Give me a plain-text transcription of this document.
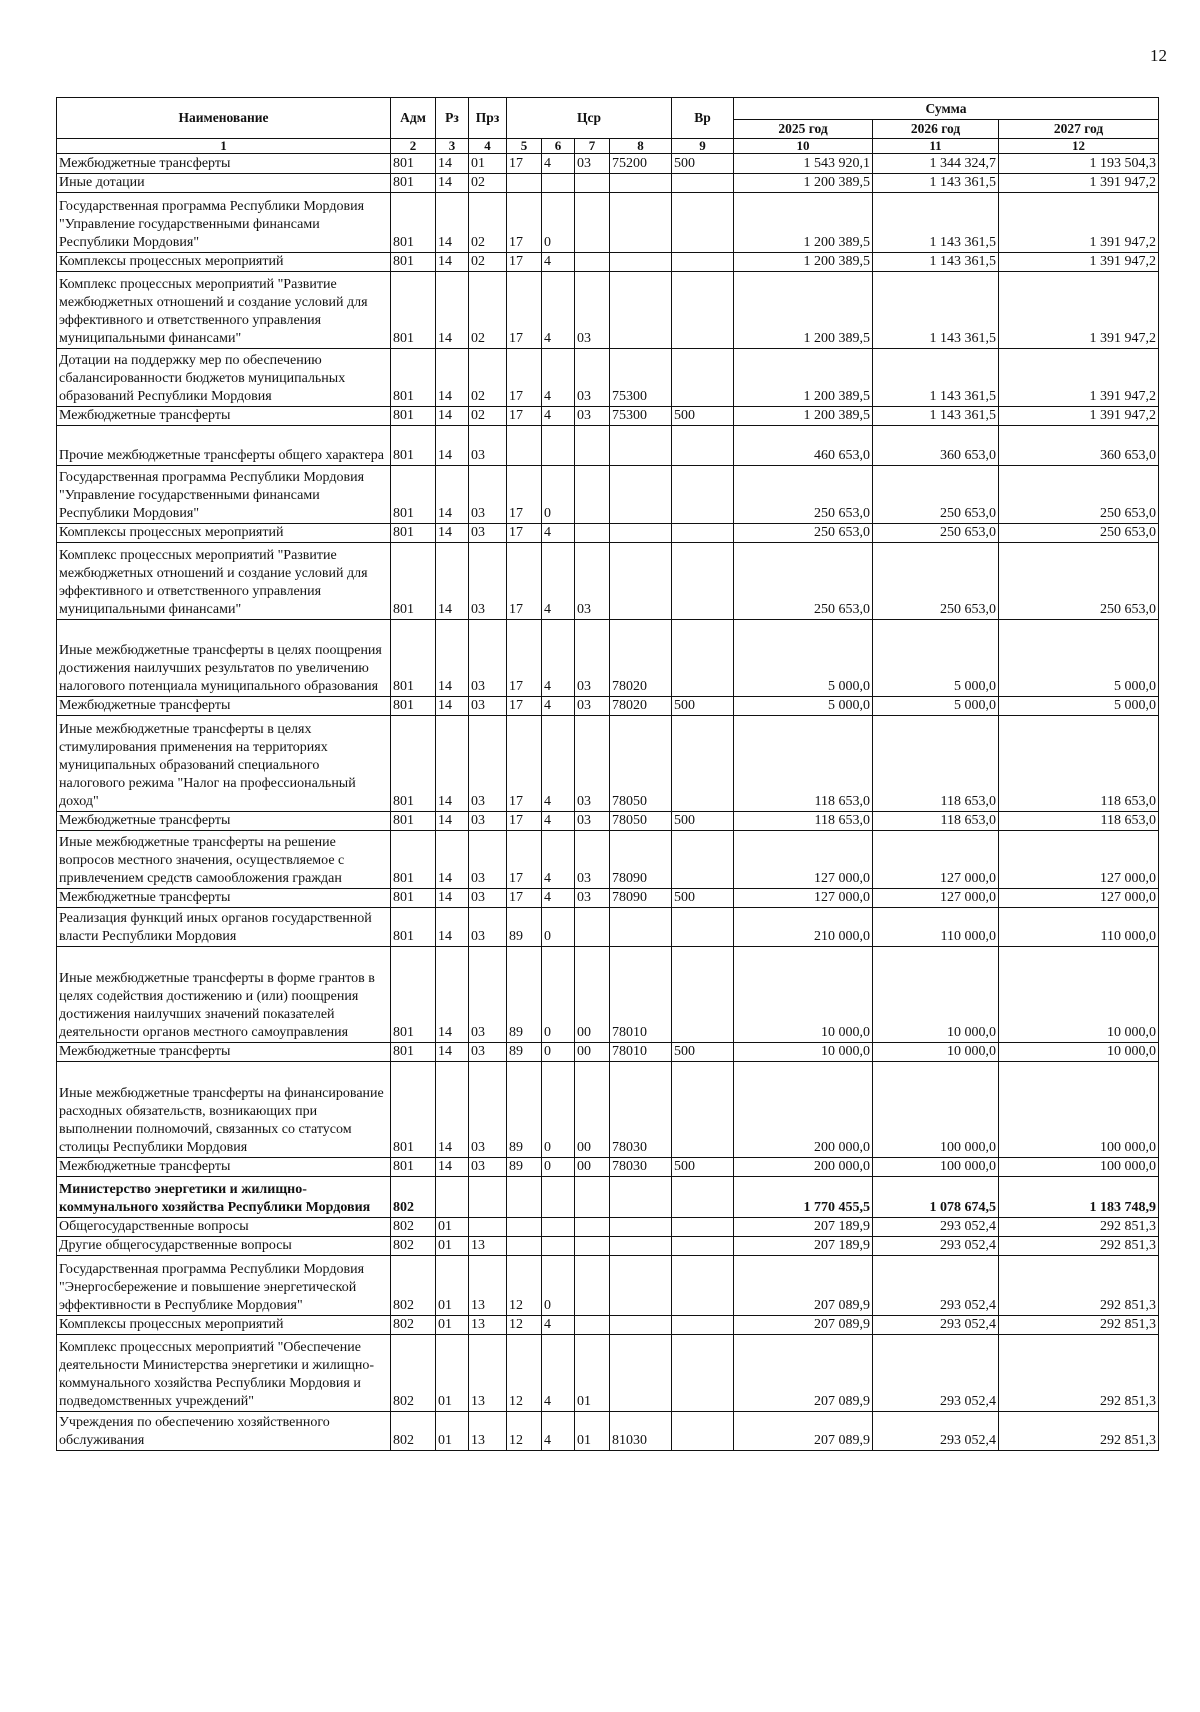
12
Наименование	Адм	Рз	Прз	Цср				Вр	Сумма		
									2025 год	2026 год	2027 год
1	2	3	4	5	6	7	8	9	10	11	12
Межбюджетные трансферты	801	14	01	17	4	03	75200	500	1 543 920,1	1 344 324,7	1 193 504,3
Иные дотации	801	14	02						1 200 389,5	1 143 361,5	1 391 947,2
Государственная программа Республики Мордовия "Управление государственными финансами Республики Мордовия"	801	14	02	17	0				1 200 389,5	1 143 361,5	1 391 947,2
Комплексы процессных мероприятий	801	14	02	17	4				1 200 389,5	1 143 361,5	1 391 947,2
Комплекс процессных мероприятий "Развитие межбюджетных отношений и создание условий для эффективного и ответственного управления муниципальными финансами"	801	14	02	17	4	03			1 200 389,5	1 143 361,5	1 391 947,2
Дотации на поддержку мер по обеспечению сбалансированности бюджетов муниципальных образований Республики Мордовия	801	14	02	17	4	03	75300		1 200 389,5	1 143 361,5	1 391 947,2
Межбюджетные трансферты	801	14	02	17	4	03	75300	500	1 200 389,5	1 143 361,5	1 391 947,2
Прочие межбюджетные трансферты общего характера	801	14	03						460 653,0	360 653,0	360 653,0
Государственная программа Республики Мордовия "Управление государственными финансами Республики Мордовия"	801	14	03	17	0				250 653,0	250 653,0	250 653,0
Комплексы процессных мероприятий	801	14	03	17	4				250 653,0	250 653,0	250 653,0
Комплекс процессных мероприятий "Развитие межбюджетных отношений и создание условий для эффективного и ответственного управления муниципальными финансами"	801	14	03	17	4	03			250 653,0	250 653,0	250 653,0
Иные межбюджетные трансферты в целях поощрения достижения наилучших результатов по увеличению налогового потенциала муниципального образования	801	14	03	17	4	03	78020		5 000,0	5 000,0	5 000,0
Межбюджетные трансферты	801	14	03	17	4	03	78020	500	5 000,0	5 000,0	5 000,0
Иные межбюджетные трансферты в целях стимулирования применения на территориях муниципальных образований специального налогового режима "Налог на профессиональный доход"	801	14	03	17	4	03	78050		118 653,0	118 653,0	118 653,0
Межбюджетные трансферты	801	14	03	17	4	03	78050	500	118 653,0	118 653,0	118 653,0
Иные межбюджетные трансферты на решение вопросов местного значения, осуществляемое с привлечением средств самообложения граждан	801	14	03	17	4	03	78090		127 000,0	127 000,0	127 000,0
Межбюджетные трансферты	801	14	03	17	4	03	78090	500	127 000,0	127 000,0	127 000,0
Реализация функций иных органов государственной власти Республики Мордовия	801	14	03	89	0				210 000,0	110 000,0	110 000,0
Иные межбюджетные трансферты в форме грантов в целях содействия достижению и (или) поощрения достижения наилучших значений показателей деятельности органов местного самоуправления	801	14	03	89	0	00	78010		10 000,0	10 000,0	10 000,0
Межбюджетные трансферты	801	14	03	89	0	00	78010	500	10 000,0	10 000,0	10 000,0
Иные межбюджетные трансферты на финансирование расходных обязательств, возникающих при выполнении полномочий, связанных со статусом столицы Республики Мордовия	801	14	03	89	0	00	78030		200 000,0	100 000,0	100 000,0
Межбюджетные трансферты	801	14	03	89	0	00	78030	500	200 000,0	100 000,0	100 000,0
Министерство энергетики и жилищно-коммунального хозяйства Республики Мордовия	802								1 770 455,5	1 078 674,5	1 183 748,9
Общегосударственные вопросы	802	01							207 189,9	293 052,4	292 851,3
Другие общегосударственные вопросы	802	01	13						207 189,9	293 052,4	292 851,3
Государственная программа Республики Мордовия "Энергосбережение и повышение энергетической эффективности в Республике Мордовия"	802	01	13	12	0				207 089,9	293 052,4	292 851,3
Комплексы процессных мероприятий	802	01	13	12	4				207 089,9	293 052,4	292 851,3
Комплекс процессных мероприятий "Обеспечение деятельности Министерства энергетики и жилищно-коммунального хозяйства Республики Мордовия и подведомственных учреждений"	802	01	13	12	4	01			207 089,9	293 052,4	292 851,3
Учреждения по обеспечению хозяйственного обслуживания	802	01	13	12	4	01	81030		207 089,9	293 052,4	292 851,3
